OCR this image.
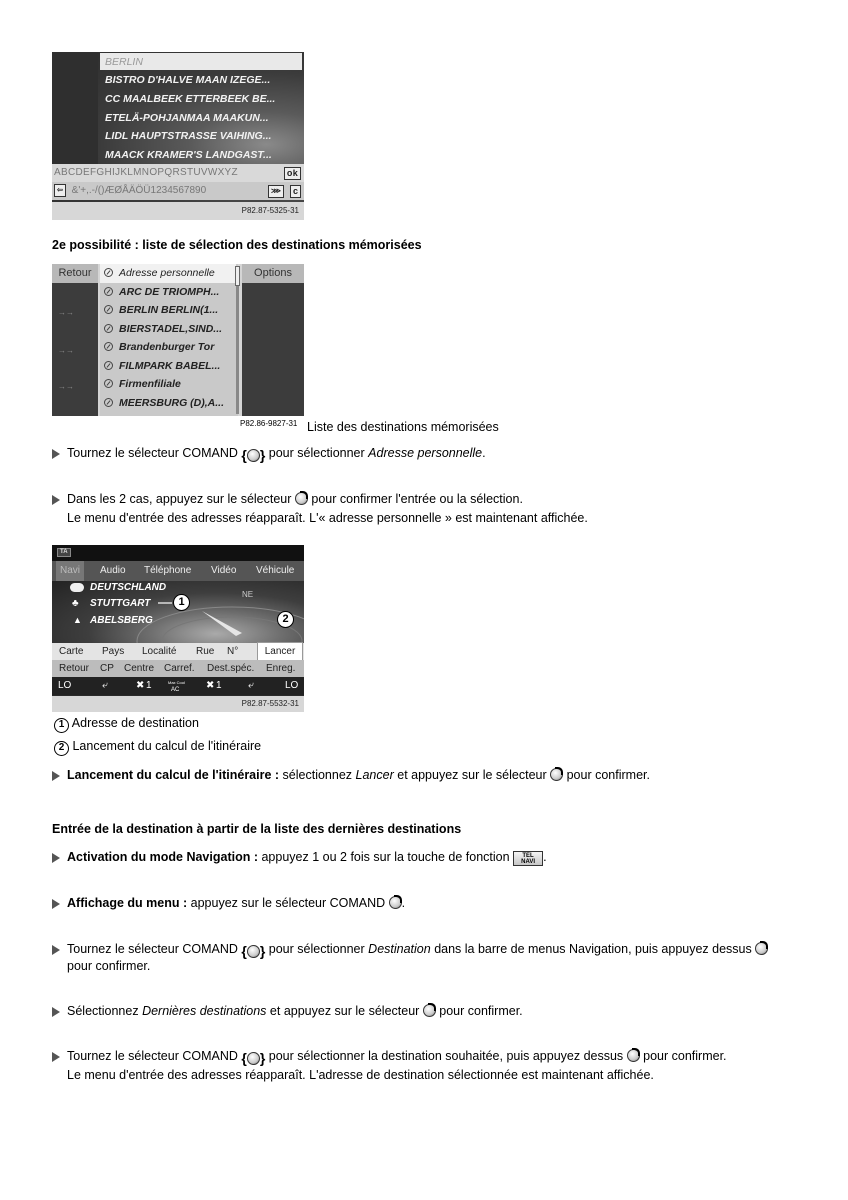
BERLIN
BISTRO D'HALVE MAAN IZEGE...
CC MAALBEEK ETTERBEEK BE...
ETELÄ-POHJANMAA MAAKUN...
LIDL HAUPTSTRASSE VAIHING...
MAACK KRAMER'S LANDGAST...
ABCDEFGHIJKLMNOPQRSTUVWXYZ	ok
⇦ &'+,.-/()ÆØÅÄÖÜ1234567890	⋙	c
P82.87-5325-31
2e possibilité : liste de sélection des destinations mémorisées
Retour
→→
→→
→→
Options
Adresse personnelle
ARC DE TRIOMPH...
BERLIN BERLIN(1...
BIERSTADEL,SIND...
Brandenburger Tor
FILMPARK BABEL...
Firmenfiliale
MEERSBURG (D),A...
P82.86-9827-31 Liste des destinations mémorisées
Tournez le sélecteur COMAND { } pour sélectionner Adresse personnelle.
Dans les 2 cas, appuyez sur le sélecteur pour confirmer l'entrée ou la sélection.
Le menu d'entrée des adresses réapparaît. L'« adresse personnelle » est maintenant affichée.
TA
Navi	Audio Téléphone Vidéo Véhicule
NE
DEUTSCHLAND
♣ STUTTGART
▲ ABELSBERG
1
2
Carte Pays Localité Rue N°	Lancer
Retour CP Centre Carref. Dest.spéc. Enreg.
LO	⤶	✖ 1	Max Cool
AC	✖ 1	⤶	LO
P82.87-5532-31
1 Adresse de destination
2 Lancement du calcul de l'itinéraire
Lancement du calcul de l'itinéraire : sélectionnez Lancer et appuyez sur le sélecteur pour confirmer.
Entrée de la destination à partir de la liste des dernières destinations
Activation du mode Navigation : appuyez 1 ou 2 fois sur la touche de fonction TEL
NAVI .
Affichage du menu : appuyez sur le sélecteur COMAND .
Tournez le sélecteur COMAND { } pour sélectionner Destination dans la barre de menus Navigation, puis appuyez dessus
pour confirmer.
Sélectionnez Dernières destinations et appuyez sur le sélecteur pour confirmer.
Tournez le sélecteur COMAND { } pour sélectionner la destination souhaitée, puis appuyez dessus pour confirmer.
Le menu d'entrée des adresses réapparaît. L'adresse de destination sélectionnée est maintenant affichée.
